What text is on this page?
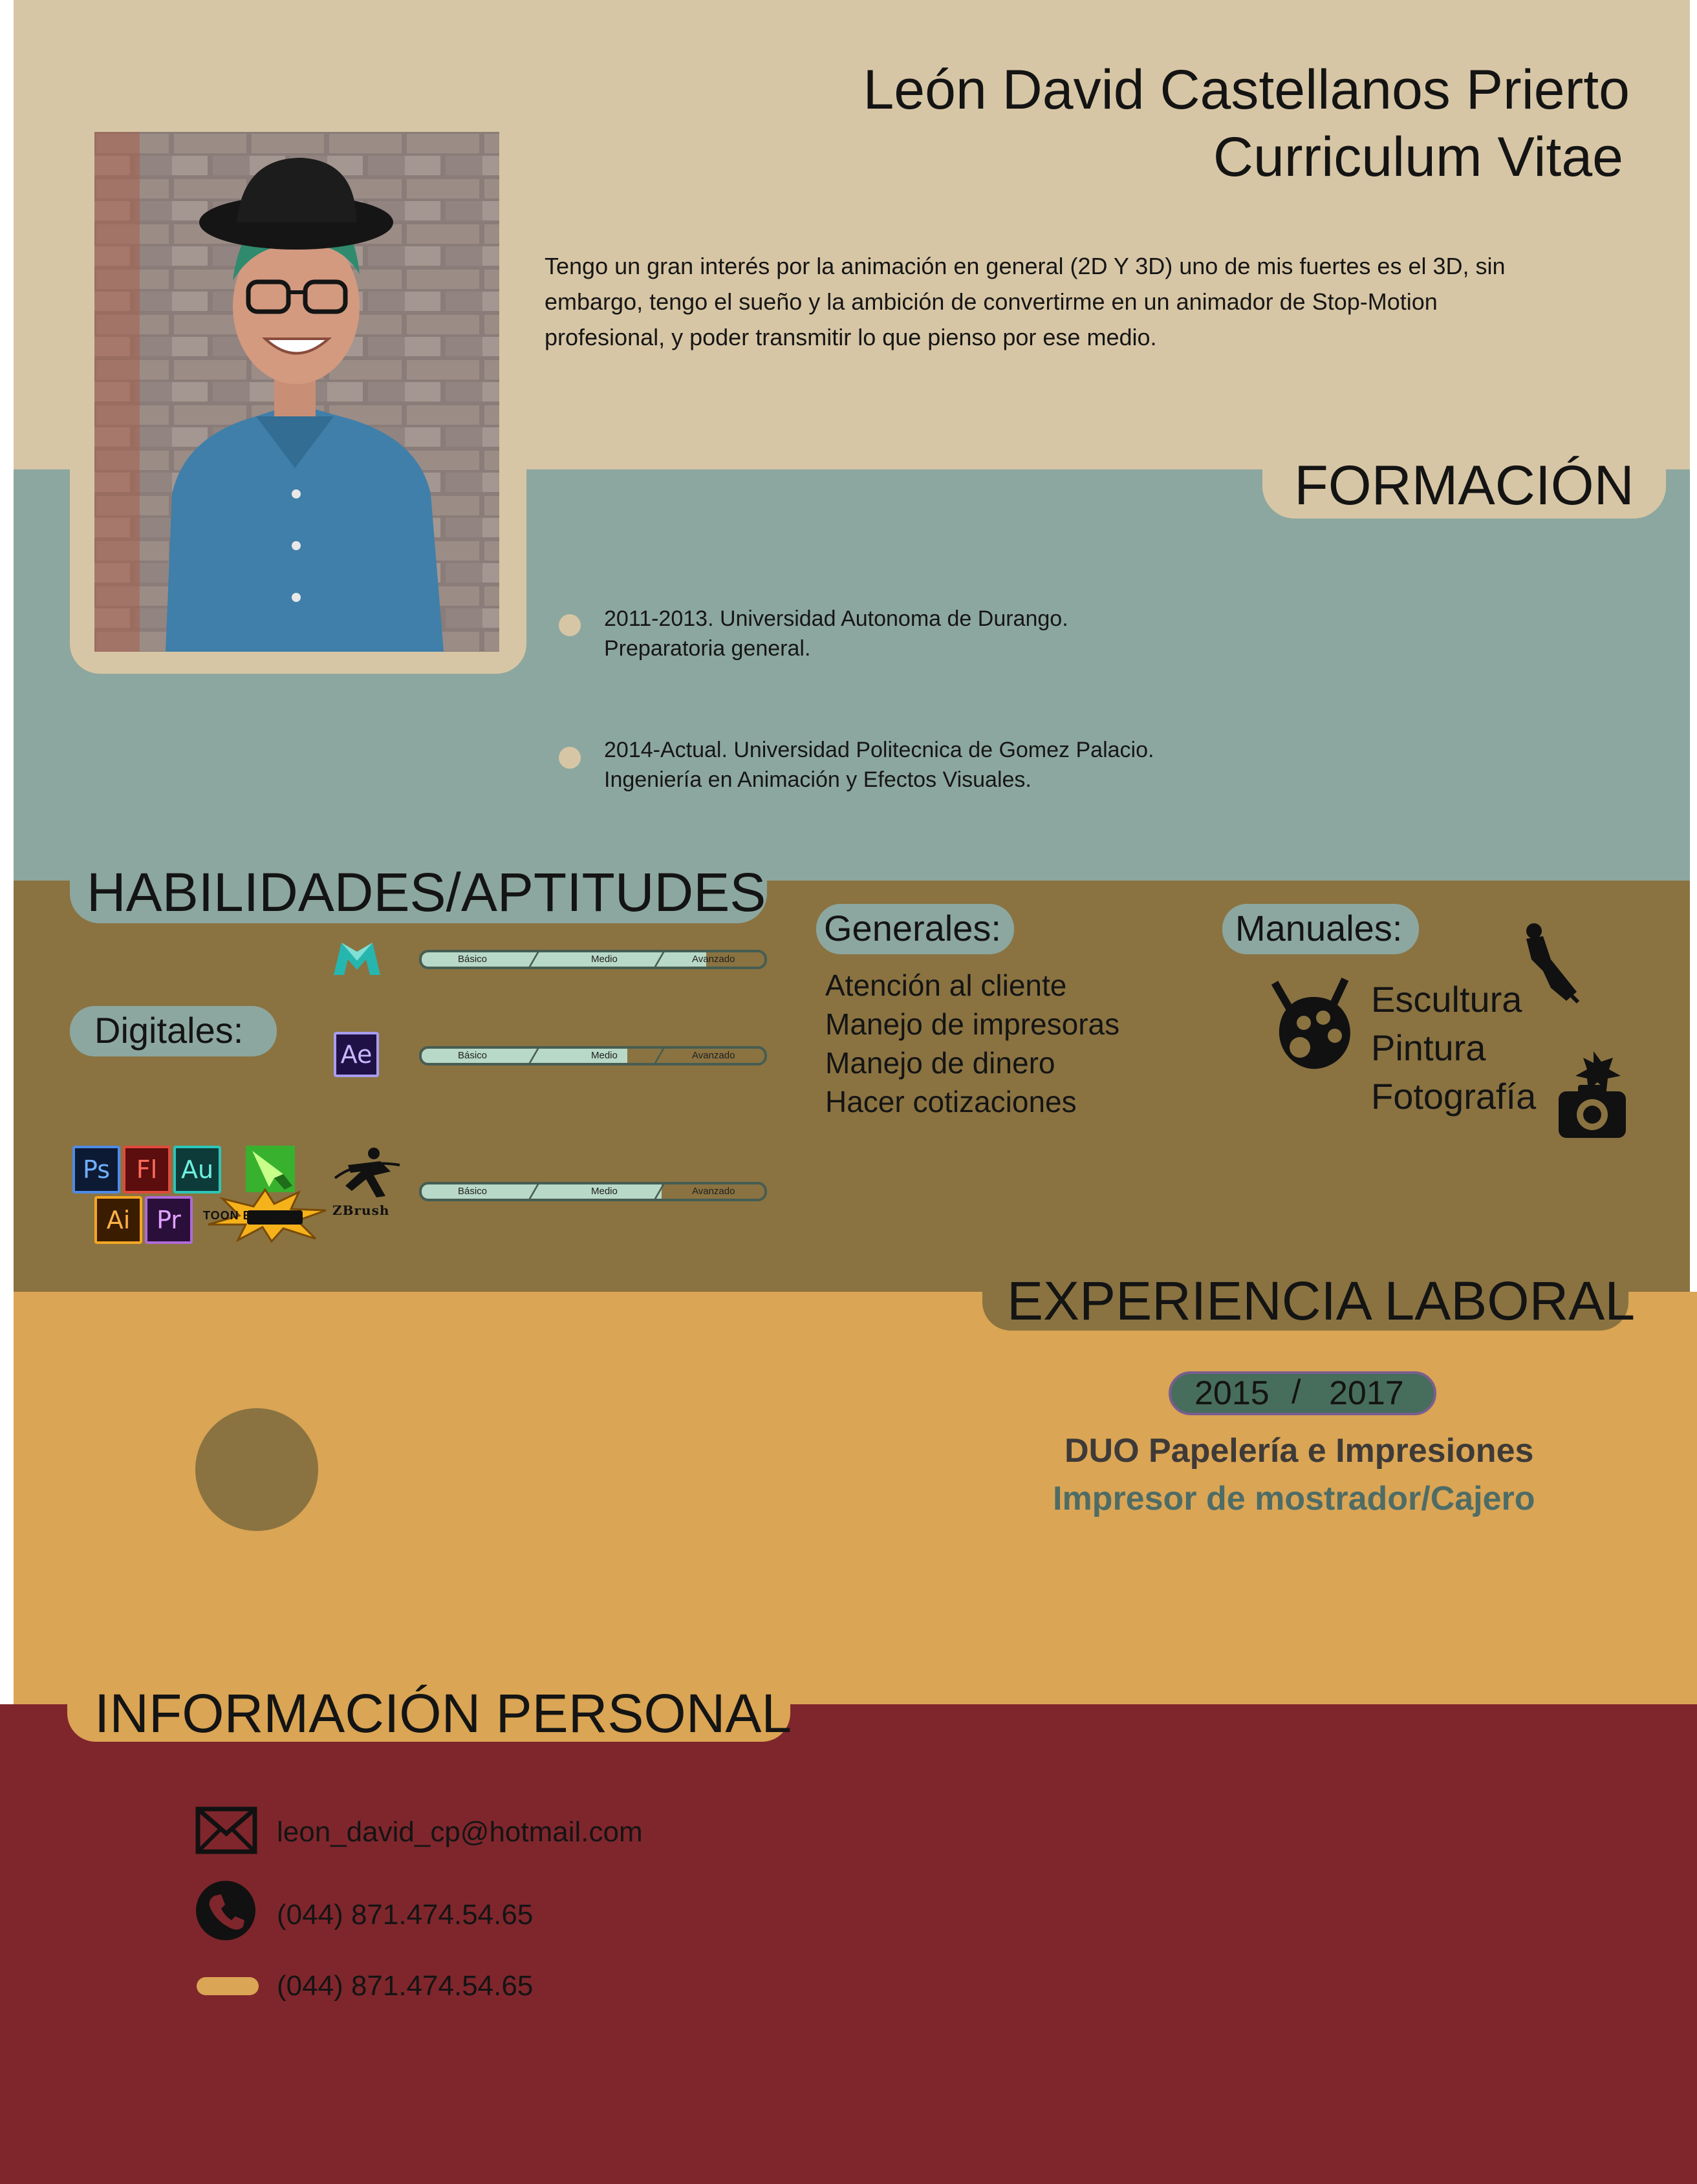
León David Castellanos Prierto
Curriculum Vitae
Tengo un gran interés por la animación en general (2D Y 3D) uno de mis fuertes es el 3D, sin embargo, tengo el sueño y la ambición de convertirme en un animador de Stop-Motion profesional, y poder transmitir lo que pienso por ese medio.
FORMACIÓN
2011-2013. Universidad Autonoma de Durango.
Preparatoria general.
2014-Actual. Universidad Politecnica de Gomez Palacio.
Ingeniería en Animación y Efectos Visuales.
HABILIDADES/APTITUDES
Digitales:
Generales:	Manuales:
Ae
ZBrush
Básico	Medio	Avanzado
Básico	Medio	Avanzado
Básico	Medio	Avanzado
Ps	Fl Au
Ai	Pr	TOON BOOM
Atención al cliente
Manejo de impresoras
Manejo de dinero
Hacer cotizaciones
Escultura
Pintura
Fotografía
EXPERIENCIA LABORAL
2015 / 2017
DUO Papelería e Impresiones
Impresor de mostrador/Cajero
INFORMACIÓN PERSONAL
leon_david_cp@hotmail.com
(044) 871.474.54.65
(044) 871.474.54.65
